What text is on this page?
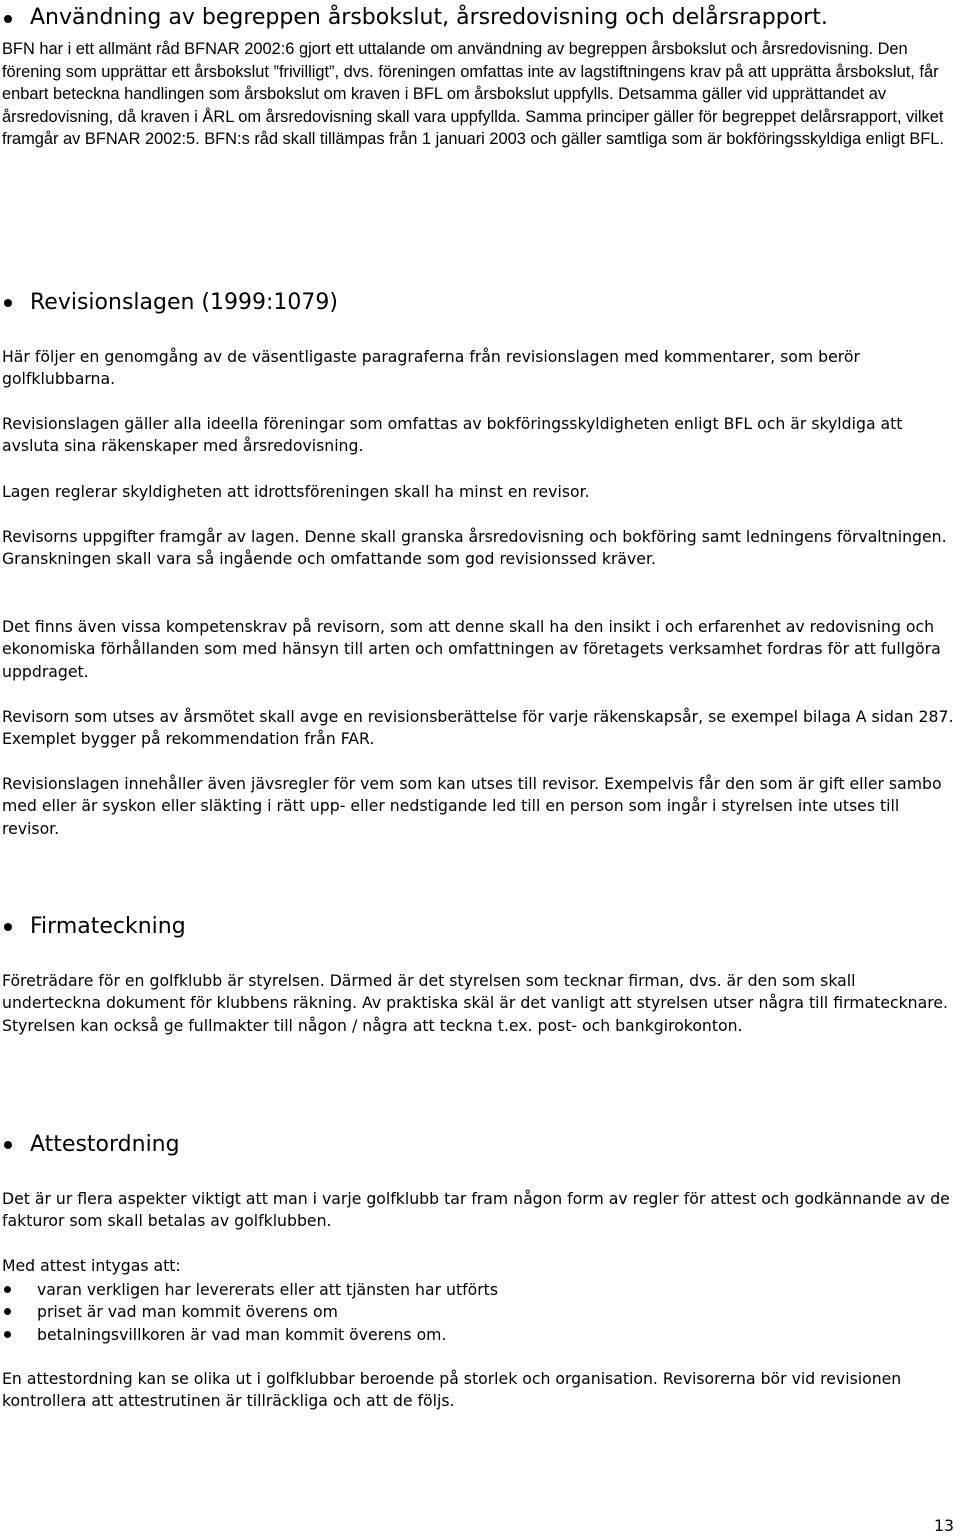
Användning av begreppen årsbokslut, årsredovisning och delårsrapport.

BFN har i ett allmänt råd BFNAR 2002:6 gjort ett uttalande om användning av begreppen årsbokslut och årsredovisning. Den förening som upprättar ett årsbokslut ”frivilligt”, dvs. föreningen omfattas inte av lagstiftningens krav på att upprätta årsbokslut, får enbart beteckna handlingen som årsbokslut om kraven i BFL om årsbokslut uppfylls. Detsamma gäller vid upprättandet av årsredovisning, då kraven i ÅRL om årsredovisning skall vara uppfyllda. Samma principer gäller för begreppet delårsrapport, vilket framgår av BFNAR 2002:5. BFN:s råd skall tillämpas från 1 januari 2003 och gäller samtliga som är bokföringsskyldiga enligt BFL.

Revisionslagen (1999:1079)

Här följer en genomgång av de väsentligaste paragraferna från revisionslagen med kommentarer, som berör golfklubbarna.

Revisionslagen gäller alla ideella föreningar som omfattas av bokföringsskyldigheten enligt BFL och är skyldiga att avsluta sina räkenskaper med årsredovisning.

Lagen reglerar skyldigheten att idrottsföreningen skall ha minst en revisor.

Revisorns uppgifter framgår av lagen. Denne skall granska årsredovisning och bokföring samt ledningens förvaltningen. Granskningen skall vara så ingående och omfattande som god revisionssed kräver.

Det finns även vissa kompetenskrav på revisorn, som att denne skall ha den insikt i och erfarenhet av redovisning och ekonomiska förhållanden som med hänsyn till arten och omfattningen av företagets verksamhet fordras för att fullgöra uppdraget.

Revisorn som utses av årsmötet skall avge en revisionsberättelse för varje räkenskapsår, se exempel bilaga A sidan 287. Exemplet bygger på rekommendation från FAR.

Revisionslagen innehåller även jävsregler för vem som kan utses till revisor. Exempelvis får den som är gift eller sambo med eller är syskon eller släkting i rätt upp- eller nedstigande led till en person som ingår i styrelsen inte utses till revisor.

Firmateckning

Företrädare för en golfklubb är styrelsen. Därmed är det styrelsen som tecknar firman, dvs. är den som skall underteckna dokument för klubbens räkning. Av praktiska skäl är det vanligt att styrelsen utser några till firmatecknare. Styrelsen kan också ge fullmakter till någon / några att teckna t.ex. post- och bankgirokonton.

Attestordning

Det är ur flera aspekter viktigt att man i varje golfklubb tar fram någon form av regler för attest och godkännande av de fakturor som skall betalas av golfklubben.

Med attest intygas att:

varan verkligen har levererats eller att tjänsten har utförts
priset är vad man kommit överens om
betalningsvillkoren är vad man kommit överens om.

En attestordning kan se olika ut i golfklubbar beroende på storlek och organisation. Revisorerna bör vid revisionen kontrollera att attestrutinen är tillräckliga och att de följs.

13
